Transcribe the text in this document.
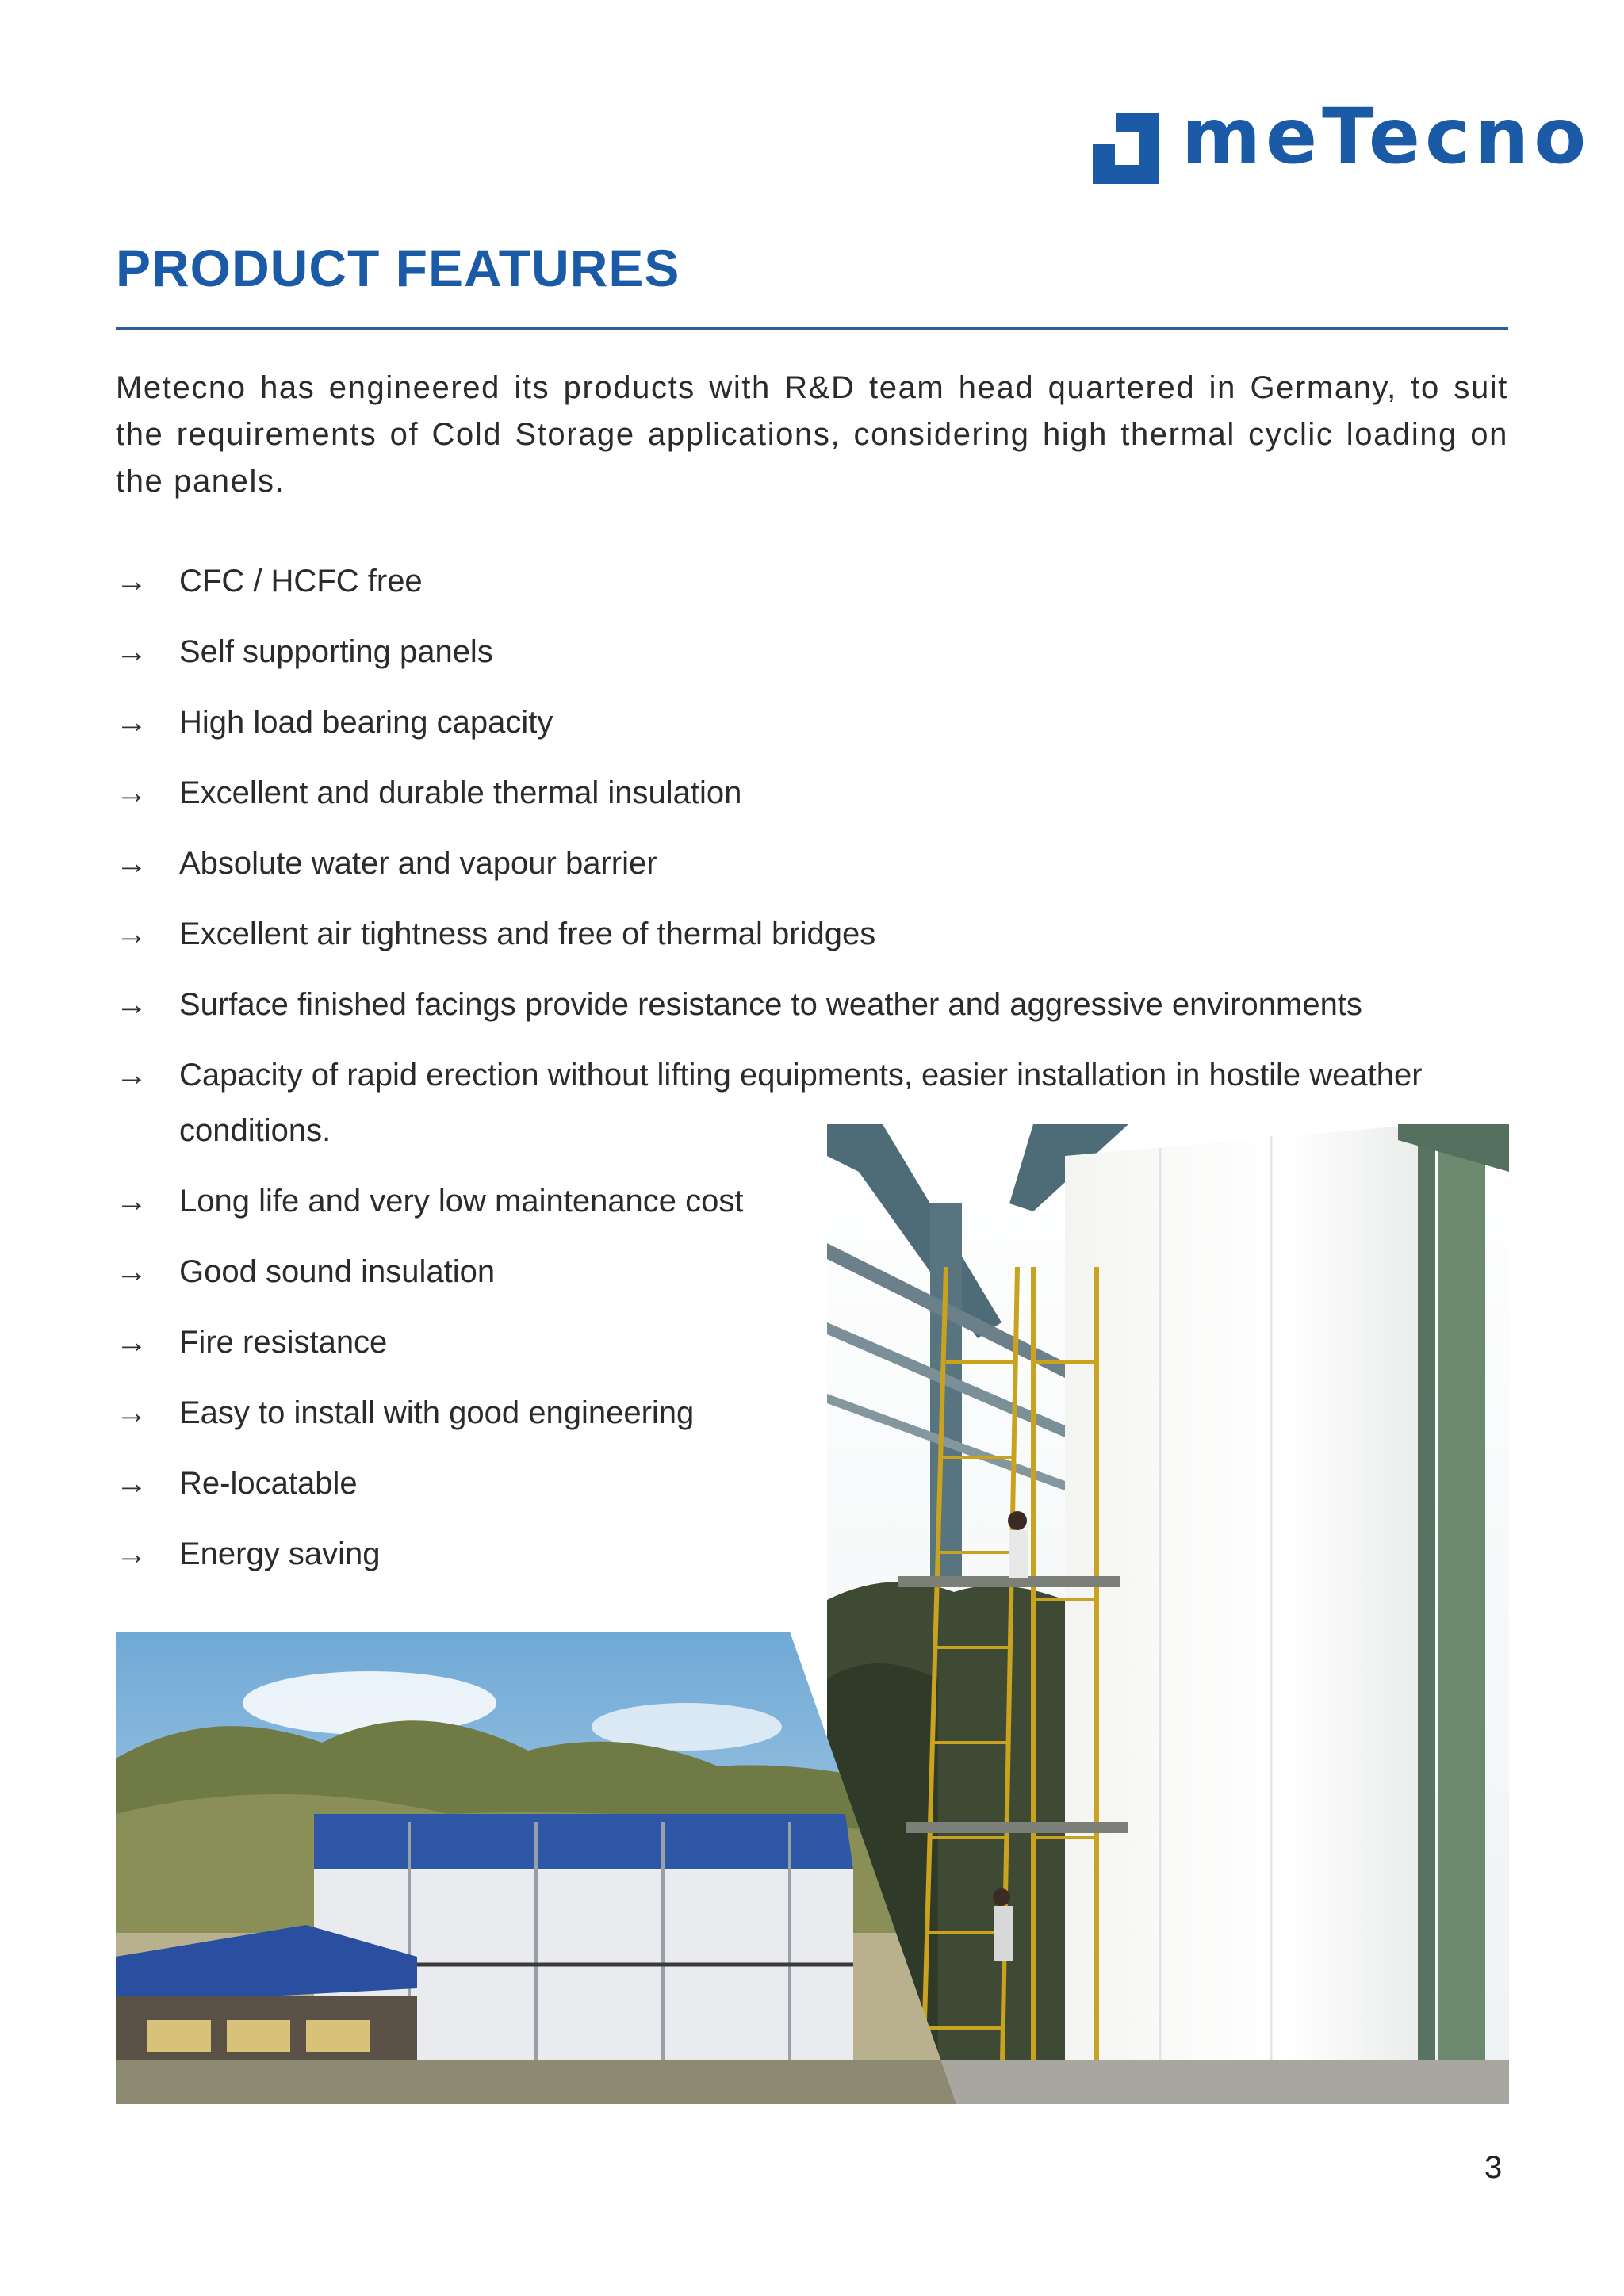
meTecno
PRODUCT FEATURES

Metecno has engineered its products with R&D team head quartered in Germany, to suit the requirements of Cold Storage applications, considering high thermal cyclic loading on the panels.

→ CFC / HCFC free
→ Self supporting panels
→ High load bearing capacity
→ Excellent and durable thermal insulation
→ Absolute water and vapour barrier
→ Excellent air tightness and free of thermal bridges
→ Surface finished facings provide resistance to weather and aggressive environments
→ Capacity of rapid erection without lifting equipments, easier installation in hostile weather conditions.
→ Long life and very low maintenance cost
→ Good sound insulation
→ Fire resistance
→ Easy to install with good engineering
→ Re-locatable
→ Energy saving
3
